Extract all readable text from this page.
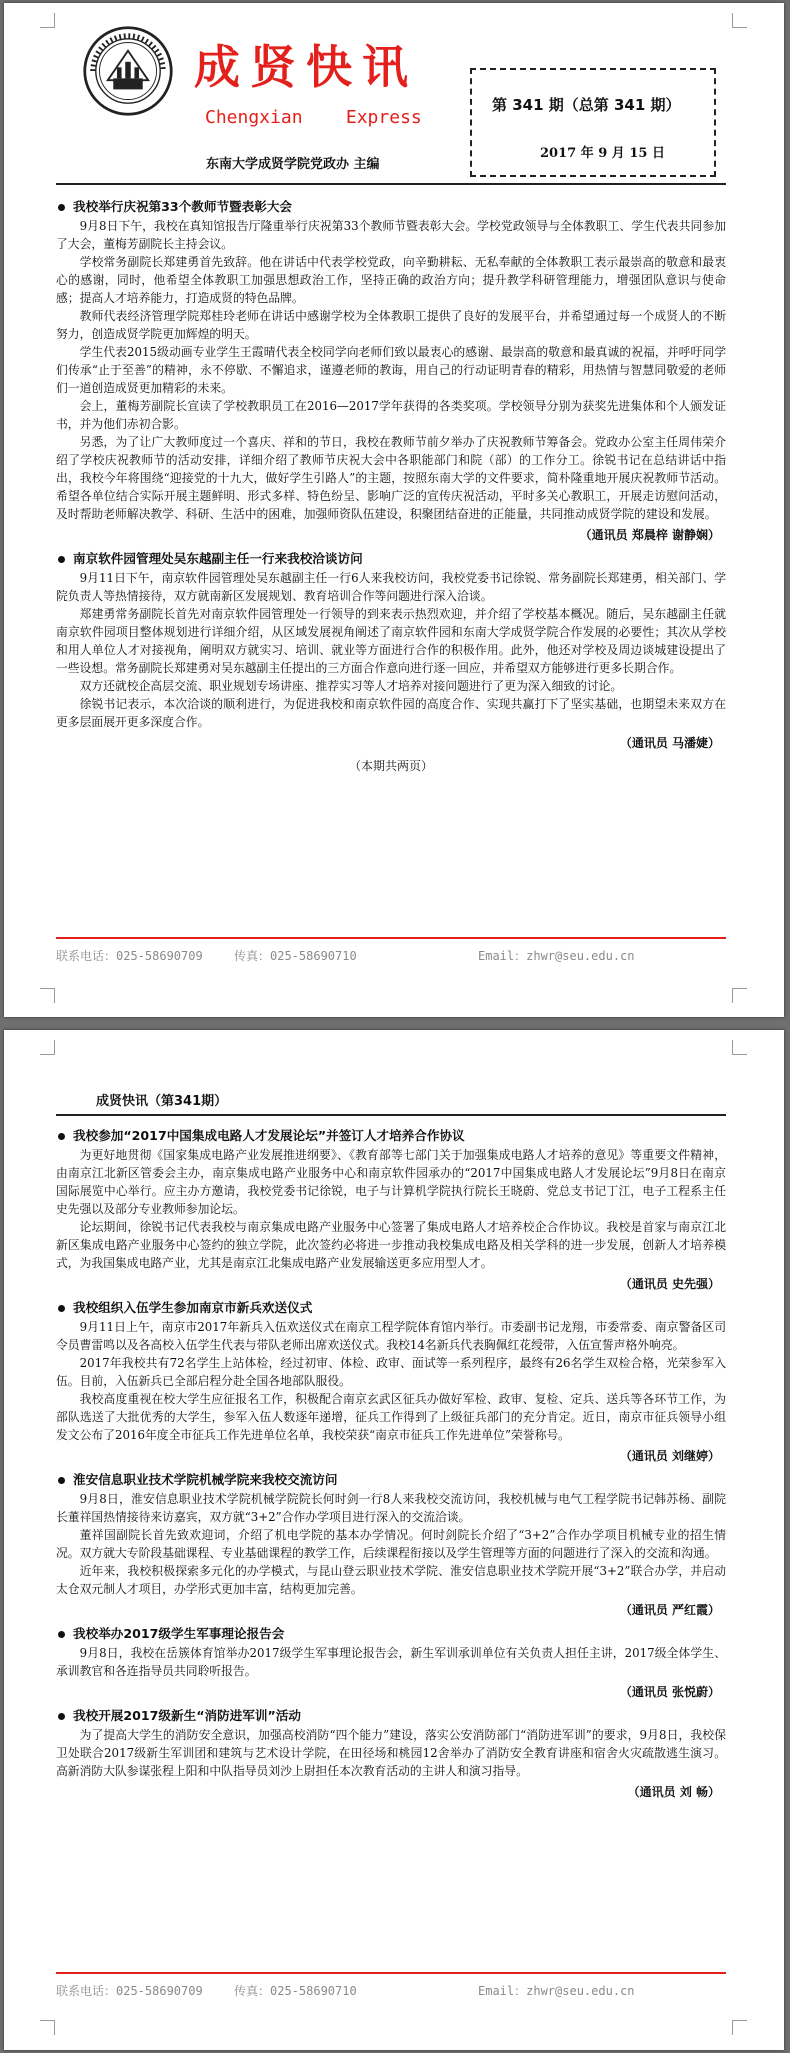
成贤快讯
Chengxian    Express
东南大学成贤学院党政办 主编
第 341 期（总第 341 期）
2017 年 9 月 15 日
我校举行庆祝第33个教师节暨表彰大会

9月8日下午，我校在真知馆报告厅隆重举行庆祝第33个教师节暨表彰大会。学校党政领导与全体教职工、学生代表共同参加了大会，董梅芳副院长主持会议。

学校常务副院长郑建勇首先致辞。他在讲话中代表学校党政，向辛勤耕耘、无私奉献的全体教职工表示最崇高的敬意和最衷心的感谢，同时，他希望全体教职工加强思想政治工作，坚持正确的政治方向；提升教学科研管理能力，增强团队意识与使命感；提高人才培养能力，打造成贤的特色品牌。

教师代表经济管理学院郑桂玲老师在讲话中感谢学校为全体教职工提供了良好的发展平台，并希望通过每一个成贤人的不断努力，创造成贤学院更加辉煌的明天。

学生代表2015级动画专业学生王霞晴代表全校同学向老师们致以最衷心的感谢、最崇高的敬意和最真诚的祝福，并呼吁同学们传承“止于至善”的精神，永不停歇、不懈追求，谨遵老师的教诲，用自己的行动证明青春的精彩，用热情与智慧同敬爱的老师们一道创造成贤更加精彩的未来。

会上，董梅芳副院长宣读了学校教职员工在2016—2017学年获得的各类奖项。学校领导分别为获奖先进集体和个人颁发证书，并为他们赤初合影。

另悉，为了让广大教师度过一个喜庆、祥和的节日，我校在教师节前夕举办了庆祝教师节筹备会。党政办公室主任周伟荣介绍了学校庆祝教师节的活动安排，详细介绍了教师节庆祝大会中各职能部门和院（部）的工作分工。徐锐书记在总结讲话中指出，我校今年将围绕“迎接党的十九大，做好学生引路人”的主题，按照东南大学的文件要求，简朴隆重地开展庆祝教师节活动。希望各单位结合实际开展主题鲜明、形式多样、特色纷呈、影响广泛的宣传庆祝活动，平时多关心教职工，开展走访慰问活动，及时帮助老师解决教学、科研、生活中的困难，加强师资队伍建设，积聚团结奋进的正能量，共同推动成贤学院的建设和发展。

（通讯员 郑晨梓 谢静娴）
南京软件园管理处吴东越副主任一行来我校洽谈访问

9月11日下午，南京软件园管理处吴东越副主任一行6人来我校访问，我校党委书记徐锐、常务副院长郑建勇，相关部门、学院负责人等热情接待，双方就南新区发展规划、教育培训合作等问题进行深入洽谈。

郑建勇常务副院长首先对南京软件园管理处一行领导的到来表示热烈欢迎，并介绍了学校基本概况。随后，吴东越副主任就南京软件园项目整体规划进行详细介绍，从区域发展视角阐述了南京软件园和东南大学成贤学院合作发展的必要性；其次从学校和用人单位人才对接视角，阐明双方就实习、培训、就业等方面进行合作的积极作用。此外，他还对学校及周边谈城建设提出了一些设想。常务副院长郑建勇对吴东越副主任提出的三方面合作意向进行逐一回应，并希望双方能够进行更多长期合作。

双方还就校企高层交流、职业规划专场讲座、推荐实习等人才培养对接问题进行了更为深入细致的讨论。

徐锐书记表示，本次洽谈的顺利进行，为促进我校和南京软件园的高度合作、实现共赢打下了坚实基础，也期望未来双方在更多层面展开更多深度合作。

（通讯员 马潘婕）
（本期共两页）
联系电话：025-58690709	传真：025-58690710	Email：zhwr@seu.edu.cn
成贤快讯（第341期）
我校参加“2017中国集成电路人才发展论坛”并签订人才培养合作协议

为更好地贯彻《国家集成电路产业发展推进纲要》、《教育部等七部门关于加强集成电路人才培养的意见》等重要文件精神，由南京江北新区管委会主办，南京集成电路产业服务中心和南京软件园承办的“2017中国集成电路人才发展论坛”9月8日在南京国际展览中心举行。应主办方邀请，我校党委书记徐锐，电子与计算机学院执行院长王晓蔚、党总支书记丁江，电子工程系主任史先强以及部分专业教师参加论坛。

论坛期间，徐锐书记代表我校与南京集成电路产业服务中心签署了集成电路人才培养校企合作协议。我校是首家与南京江北新区集成电路产业服务中心签约的独立学院，此次签约必将进一步推动我校集成电路及相关学科的进一步发展，创新人才培养模式，为我国集成电路产业，尤其是南京江北集成电路产业发展输送更多应用型人才。

（通讯员 史先强）
我校组织入伍学生参加南京市新兵欢送仪式

9月11日上午，南京市2017年新兵入伍欢送仪式在南京工程学院体育馆内举行。市委副书记龙翔，市委常委、南京警备区司令员曹雷鸣以及各高校入伍学生代表与带队老师出席欢送仪式。我校14名新兵代表胸佩红花绶带，入伍宣誓声格外响亮。

2017年我校共有72名学生上站体检，经过初审、体检、政审、面试等一系列程序，最终有26名学生双检合格，光荣参军入伍。目前，入伍新兵已全部启程分赴全国各地部队服役。

我校高度重视在校大学生应征报名工作，积极配合南京玄武区征兵办做好军检、政审、复检、定兵、送兵等各环节工作，为部队选送了大批优秀的大学生，参军入伍人数逐年递增，征兵工作得到了上级征兵部门的充分肯定。近日，南京市征兵领导小组发文公布了2016年度全市征兵工作先进单位名单，我校荣获“南京市征兵工作先进单位”荣誉称号。

（通讯员 刘继婷）
淮安信息职业技术学院机械学院来我校交流访问

9月8日，淮安信息职业技术学院机械学院院长何时剑一行8人来我校交流访问，我校机械与电气工程学院书记韩苏杨、副院长董祥国热情接待来访嘉宾，双方就“3+2”合作办学项目进行深入的交流洽谈。

董祥国副院长首先致欢迎词，介绍了机电学院的基本办学情况。何时剑院长介绍了“3+2”合作办学项目机械专业的招生情况。双方就大专阶段基础课程、专业基础课程的教学工作，后续课程衔接以及学生管理等方面的问题进行了深入的交流和沟通。

近年来，我校积极探索多元化的办学模式，与昆山登云职业技术学院、淮安信息职业技术学院开展“3+2”联合办学，并启动太仓双元制人才项目，办学形式更加丰富，结构更加完善。

（通讯员 严红霞）
我校举办2017级学生军事理论报告会

9月8日，我校在岳簇体育馆举办2017级学生军事理论报告会，新生军训承训单位有关负责人担任主讲，2017级全体学生、承训教官和各连指导员共同聆听报告。

（通讯员 张悦蔚）
我校开展2017级新生“消防进军训”活动

为了提高大学生的消防安全意识，加强高校消防“四个能力”建设，落实公安消防部门“消防进军训”的要求，9月8日，我校保卫处联合2017级新生军训团和建筑与艺术设计学院，在田径场和桃园12舍举办了消防安全教育讲座和宿舍火灾疏散逃生演习。高新消防大队参谋张程上阳和中队指导员刘沙上尉担任本次教育活动的主讲人和演习指导。

（通讯员 刘 畅）
联系电话：025-58690709	传真：025-58690710	Email：zhwr@seu.edu.cn
